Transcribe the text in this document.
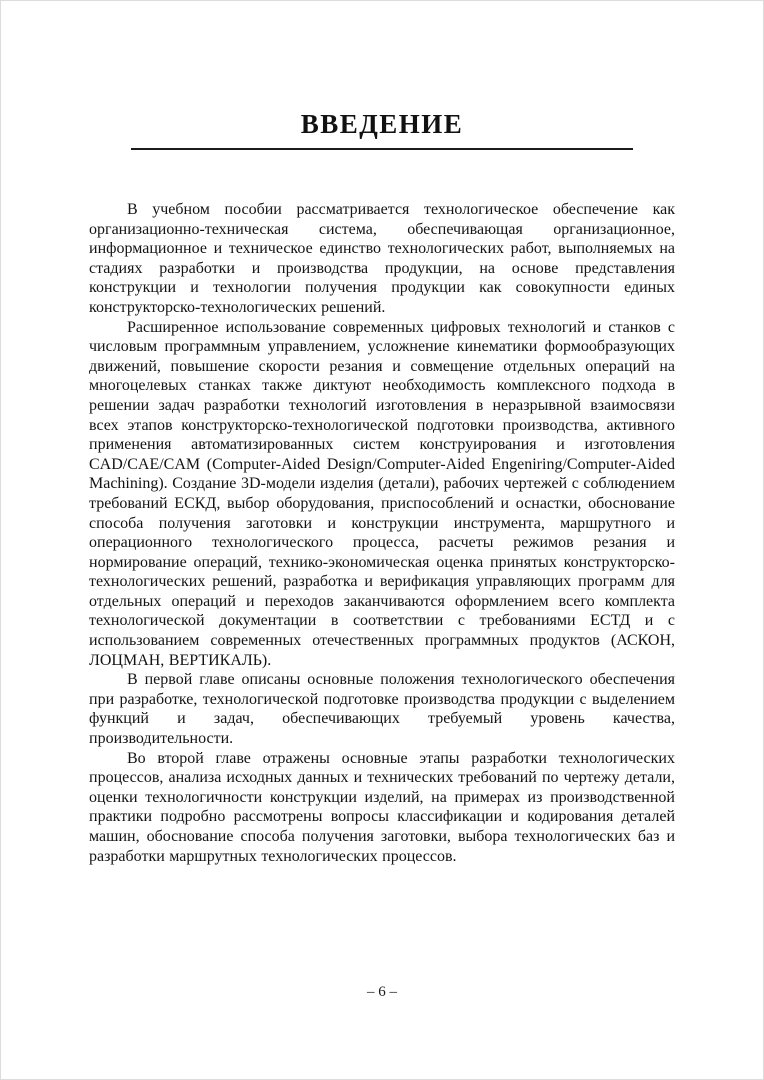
ВВЕДЕНИЕ

В учебном пособии рассматривается технологическое обеспечение как организационно-техническая система, обеспечивающая организационное, информационное и техническое единство технологических работ, выполняемых на стадиях разработки и производства продукции, на основе представления конструкции и технологии получения продукции как совокупности единых конструкторско-технологических решений.

Расширенное использование современных цифровых технологий и станков с числовым программным управлением, усложнение кинематики формообразующих движений, повышение скорости резания и совмещение отдельных операций на многоцелевых станках также диктуют необходимость комплексного подхода в решении задач разработки технологий изготовления в неразрывной взаимосвязи всех этапов конструкторско-технологической подготовки производства, активного применения автоматизированных систем конструирования и изготовления CAD/CAE/CAM (Computer-Aided Design/Computer-Aided Engeniring/Computer-Aided Machining). Создание 3D-модели изделия (детали), рабочих чертежей с соблюдением требований ЕСКД, выбор оборудования, приспособлений и оснастки, обоснование способа получения заготовки и конструкции инструмента, маршрутного и операционного технологического процесса, расчеты режимов резания и нормирование операций, технико-экономическая оценка принятых конструкторско-технологических решений, разработка и верификация управляющих программ для отдельных операций и переходов заканчиваются оформлением всего комплекта технологической документации в соответствии с требованиями ЕСТД и с использованием современных отечественных программных продуктов (АСКОН, ЛОЦМАН, ВЕРТИКАЛЬ).

В первой главе описаны основные положения технологического обеспечения при разработке, технологической подготовке производства продукции с выделением функций и задач, обеспечивающих требуемый уровень качества, производительности.

Во второй главе отражены основные этапы разработки технологических процессов, анализа исходных данных и технических требований по чертежу детали, оценки технологичности конструкции изделий, на примерах из производственной практики подробно рассмотрены вопросы классификации и кодирования деталей машин, обоснование способа получения заготовки, выбора технологических баз и разработки маршрутных технологических процессов.

– 6 –
